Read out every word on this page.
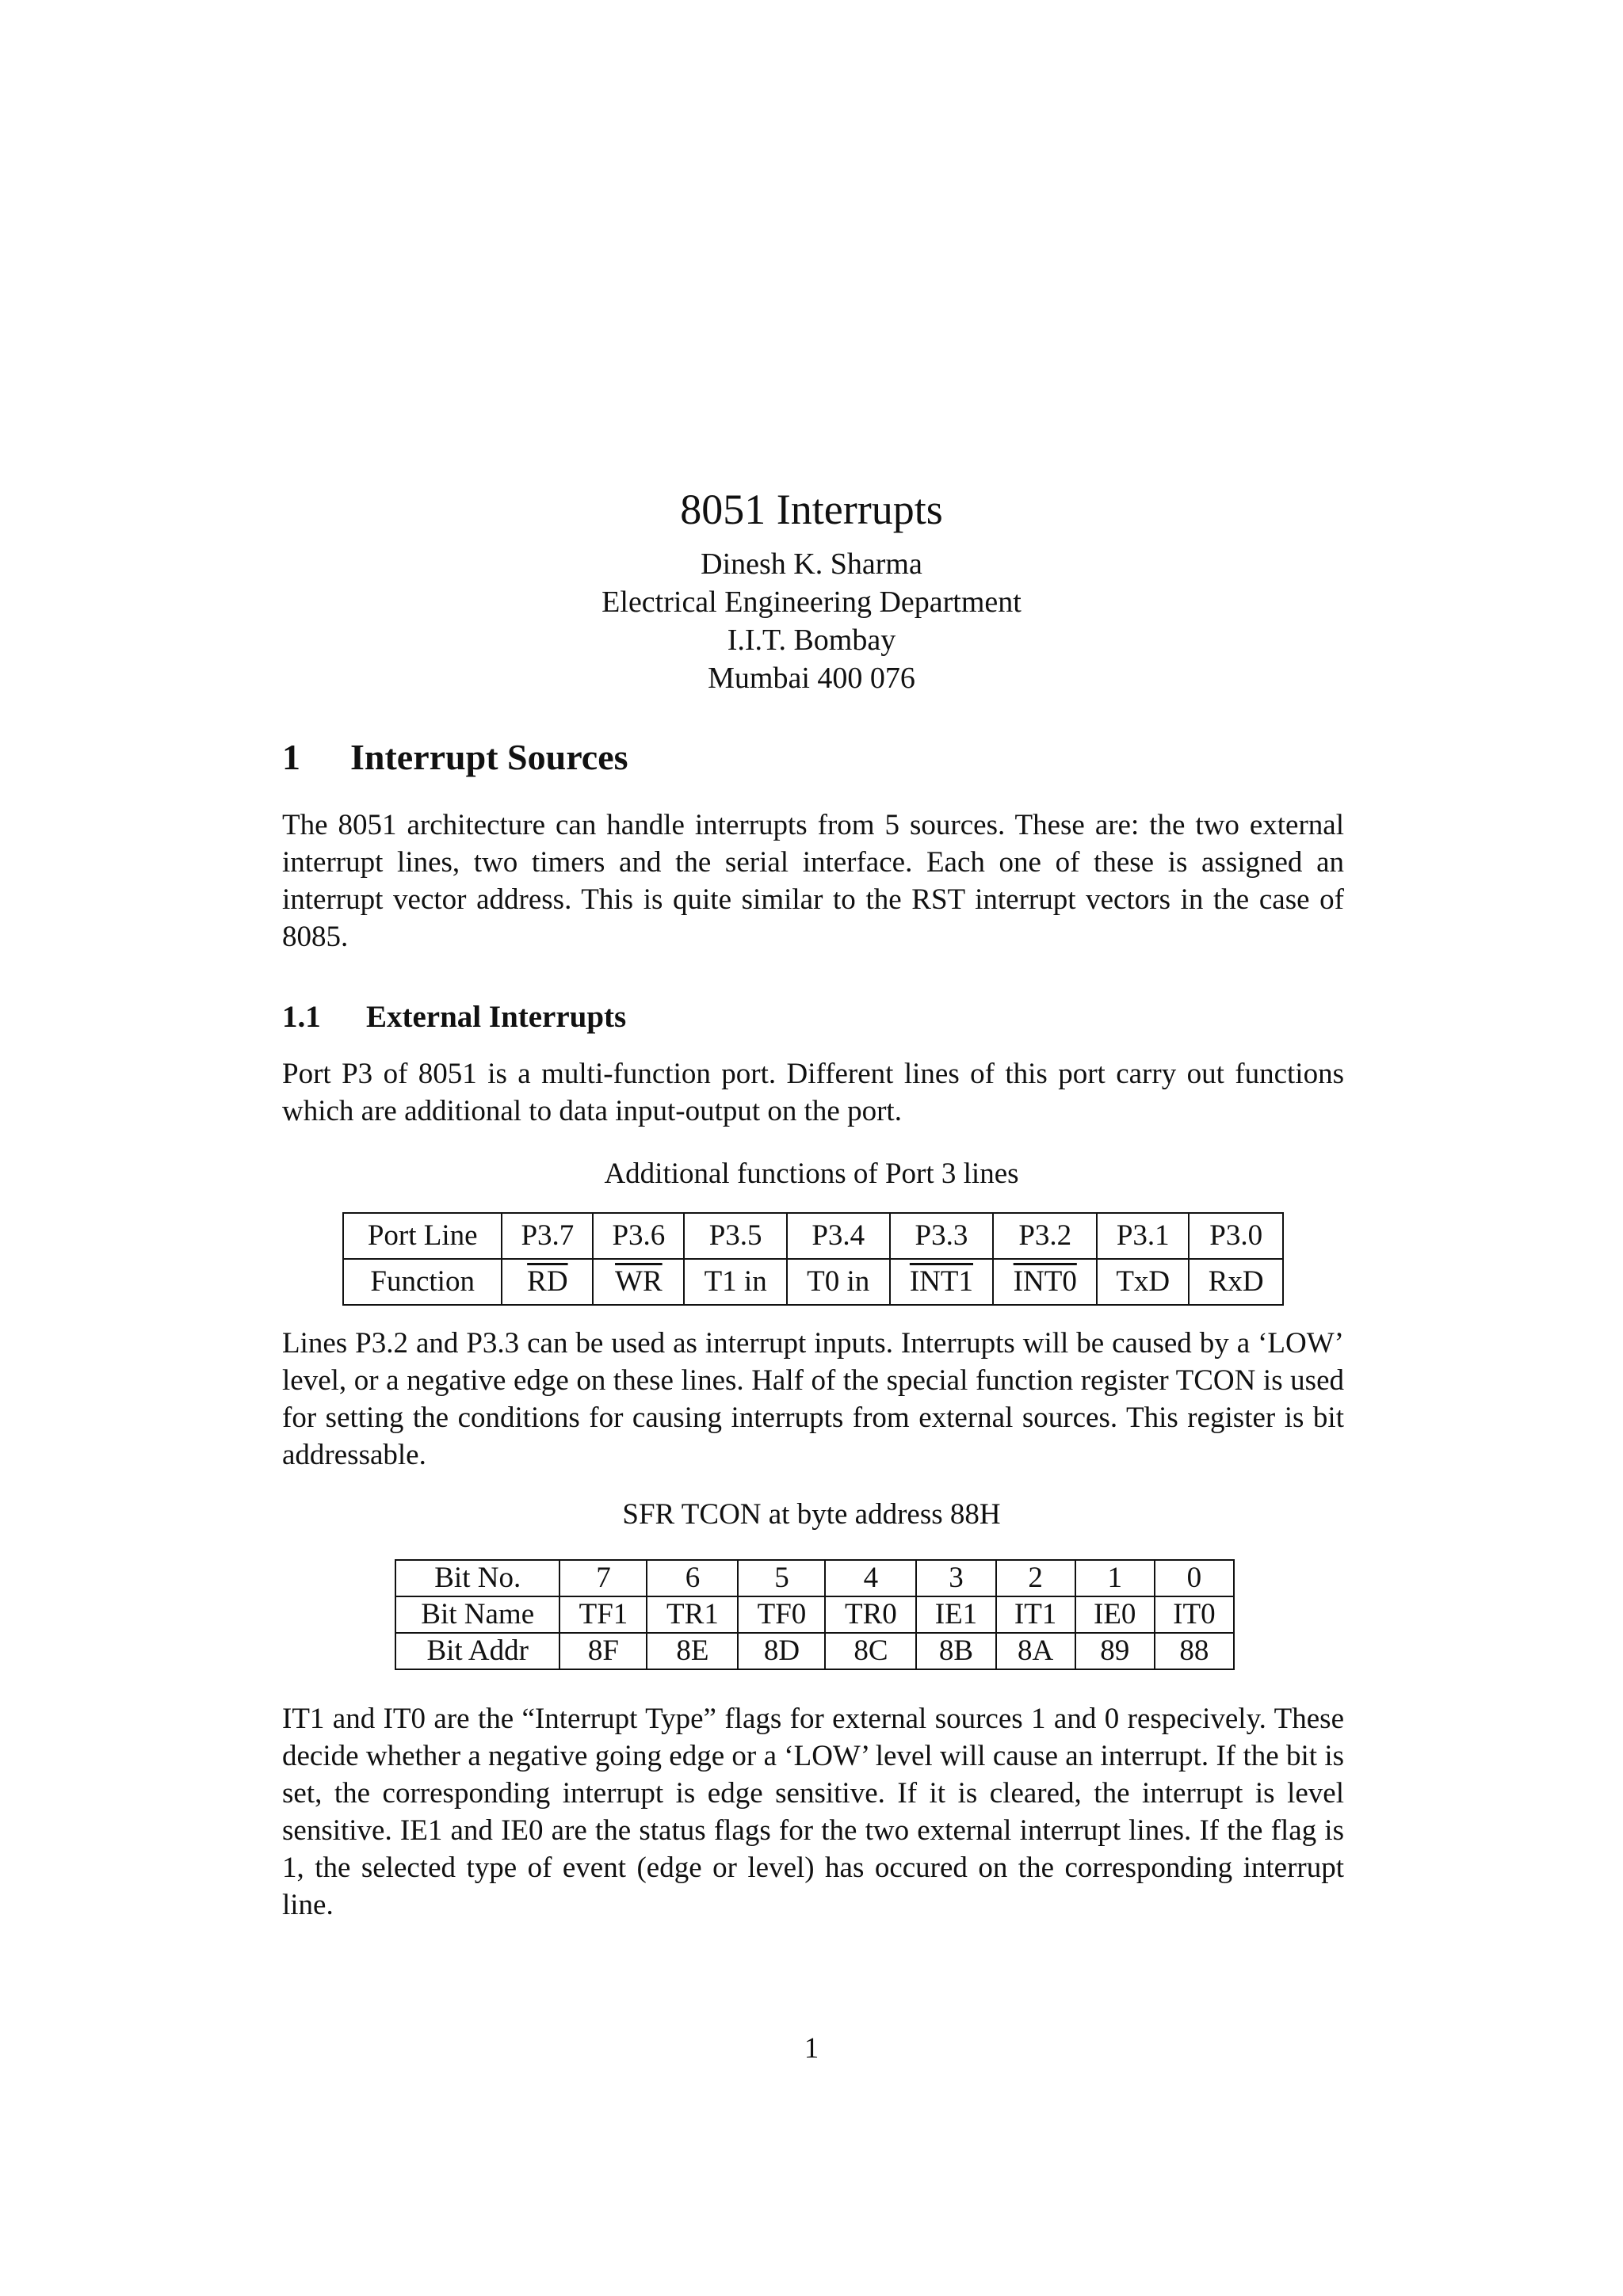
8051 Interrupts
Dinesh K. Sharma
Electrical Engineering Department
I.I.T. Bombay
Mumbai 400 076
1 Interrupt Sources

The 8051 architecture can handle interrupts from 5 sources. These are: the two external interrupt lines, two timers and the serial interface. Each one of these is assigned an interrupt vector address. This is quite similar to the RST interrupt vectors in the case of 8085.

1.1 External Interrupts

Port P3 of 8051 is a multi-function port. Different lines of this port carry out functions which are additional to data input-output on the port.

Additional functions of Port 3 lines

Port Line	P3.7	P3.6	P3.5	P3.4	P3.3	P3.2	P3.1	P3.0
Function	$\overline{RD}$	$\overline{WR}$	T1 in	T0 in	INT1	INT0	TxD	RxD

Lines P3.2 and P3.3 can be used as interrupt inputs. Interrupts will be caused by a ‘LOW’ level, or a negative edge on these lines. Half of the special function register TCON is used for setting the conditions for causing interrupts from external sources. This register is bit addressable.

SFR TCON at byte address 88H

Bit No.	7	6	5	4	3	2	1	0
Bit Name	TF1	TR1	TF0	TR0	IE1	IT1	IE0	IT0
Bit Addr	8F	8E	8D	8C	8B	8A	89	88

IT1 and IT0 are the “Interrupt Type” flags for external sources 1 and 0 respecively. These decide whether a negative going edge or a ‘LOW’ level will cause an interrupt. If the bit is set, the corresponding interrupt is edge sensitive. If it is cleared, the interrupt is level sensitive. IE1 and IE0 are the status flags for the two external interrupt lines. If the flag is 1, the selected type of event (edge or level) has occured on the corresponding interrupt line.

1
